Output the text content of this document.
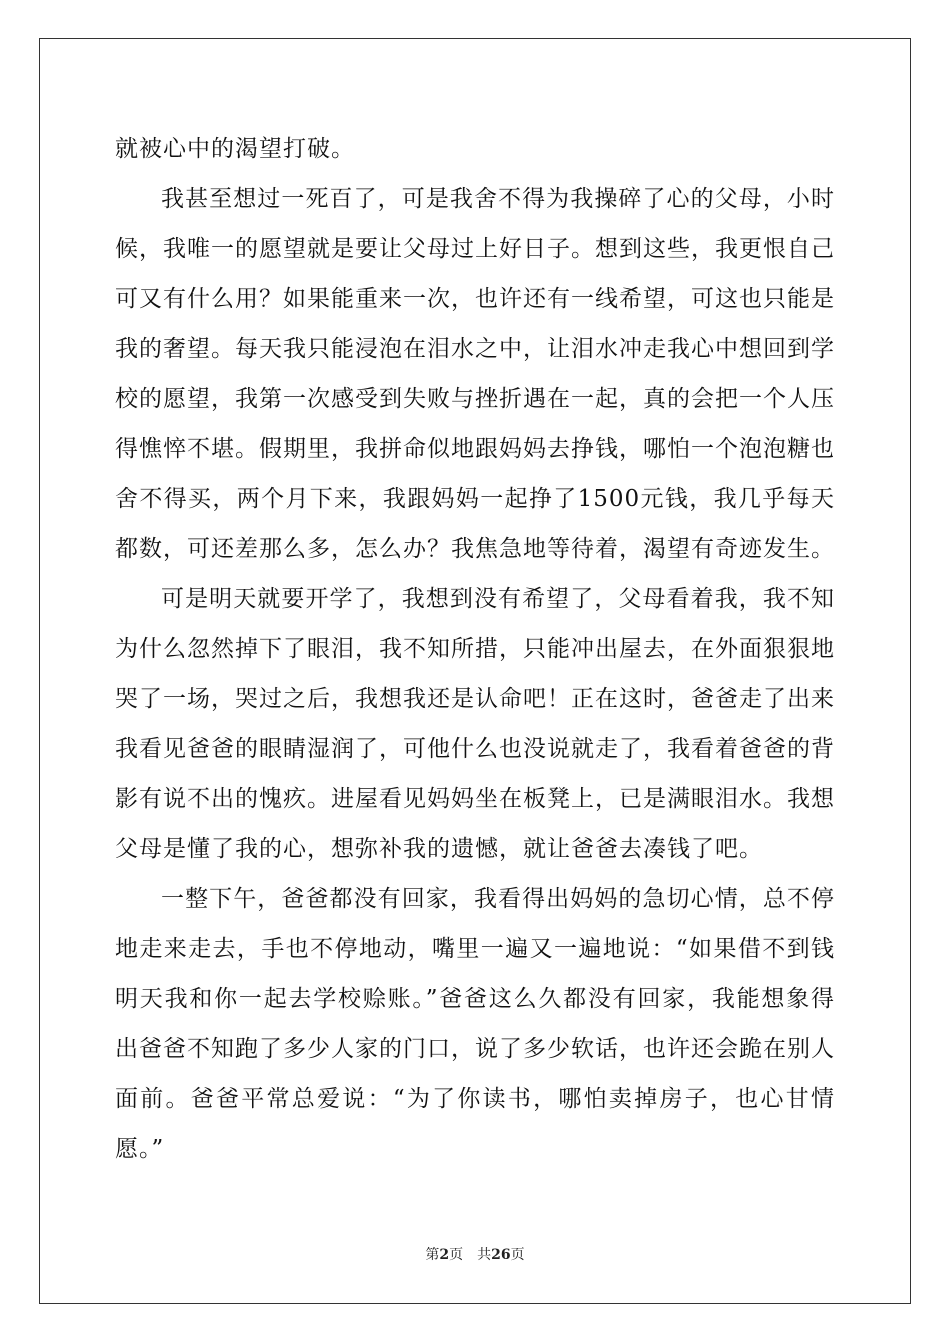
就被心中的渴望打破。

我甚至想过一死百了，可是我舍不得为我操碎了心的父母，小时候，我唯一的愿望就是要让父母过上好日子。想到这些，我更恨自己可又有什么用？如果能重来一次，也许还有一线希望，可这也只能是我的奢望。每天我只能浸泡在泪水之中，让泪水冲走我心中想回到学校的愿望，我第一次感受到失败与挫折遇在一起，真的会把一个人压得憔悴不堪。假期里，我拼命似地跟妈妈去挣钱，哪怕一个泡泡糖也舍不得买，两个月下来，我跟妈妈一起挣了1500元钱，我几乎每天都数，可还差那么多，怎么办？我焦急地等待着，渴望有奇迹发生。

可是明天就要开学了，我想到没有希望了，父母看着我，我不知为什么忽然掉下了眼泪，我不知所措，只能冲出屋去，在外面狠狠地哭了一场，哭过之后，我想我还是认命吧！正在这时，爸爸走了出来我看见爸爸的眼睛湿润了，可他什么也没说就走了，我看着爸爸的背影有说不出的愧疚。进屋看见妈妈坐在板凳上，已是满眼泪水。我想父母是懂了我的心，想弥补我的遗憾，就让爸爸去凑钱了吧。

一整下午，爸爸都没有回家，我看得出妈妈的急切心情，总不停地走来走去，手也不停地动，嘴里一遍又一遍地说：“如果借不到钱明天我和你一起去学校赊账。”爸爸这么久都没有回家，我能想象得出爸爸不知跑了多少人家的门口，说了多少软话，也许还会跪在别人面前。爸爸平常总爱说：“为了你读书，哪怕卖掉房子，也心甘情愿。”

第2页 共26页
